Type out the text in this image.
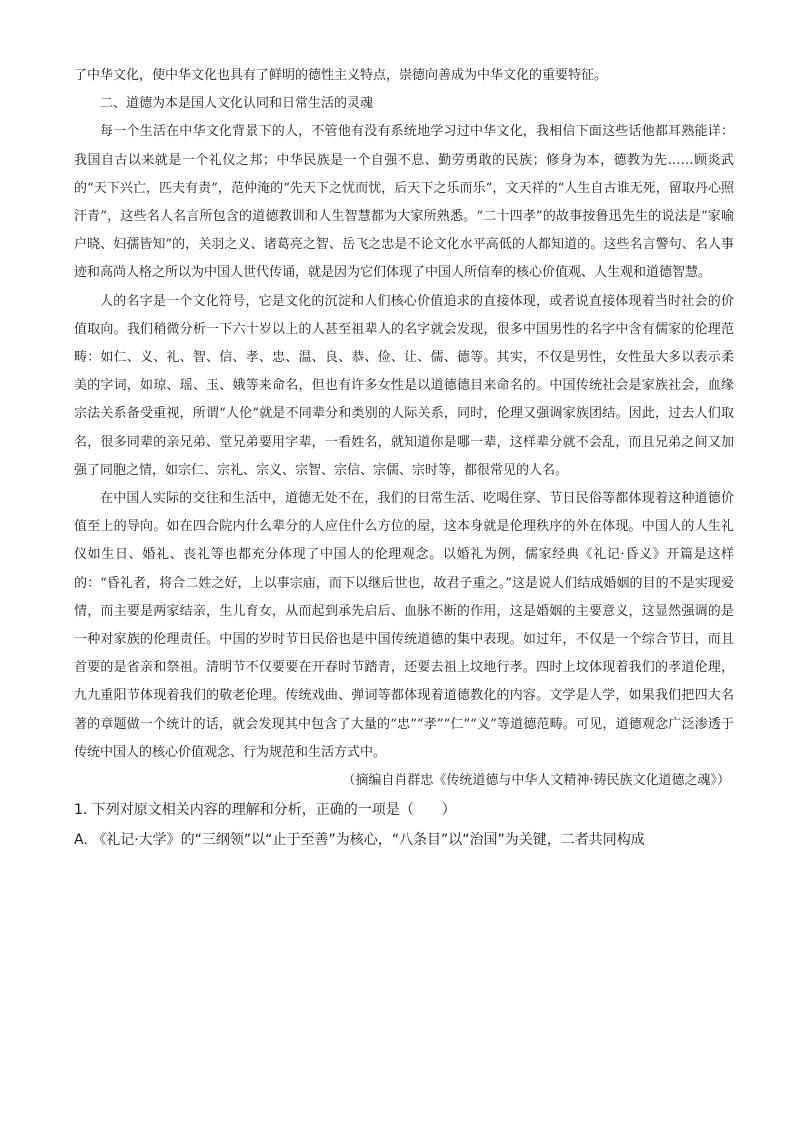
了中华文化，使中华文化也具有了鲜明的德性主义特点，崇德向善成为中华文化的重要特征。

二、道德为本是国人文化认同和日常生活的灵魂

每一个生活在中华文化背景下的人，不管他有没有系统地学习过中华文化，我相信下面这些话他都耳熟能详：我国自古以来就是一个礼仪之邦；中华民族是一个自强不息、勤劳勇敢的民族；修身为本，德教为先……顾炎武的“天下兴亡，匹夫有责”，范仲淹的“先天下之忧而忧，后天下之乐而乐”，文天祥的“人生自古谁无死，留取丹心照汗青”，这些名人名言所包含的道德教训和人生智慧都为大家所熟悉。“二十四孝”的故事按鲁迅先生的说法是“家喻户晓、妇孺皆知”的，关羽之义、诸葛亮之智、岳飞之忠是不论文化水平高低的人都知道的。这些名言警句、名人事迹和高尚人格之所以为中国人世代传诵，就是因为它们体现了中国人所信奉的核心价值观、人生观和道德智慧。

人的名字是一个文化符号，它是文化的沉淀和人们核心价值追求的直接体现，或者说直接体现着当时社会的价值取向。我们稍微分析一下六十岁以上的人甚至祖辈人的名字就会发现，很多中国男性的名字中含有儒家的伦理范畴：如仁、义、礼、智、信、孝、忠、温、良、恭、俭、让、儒、德等。其实，不仅是男性，女性虽大多以表示柔美的字词，如琼、瑶、玉、娥等来命名，但也有许多女性是以道德德目来命名的。中国传统社会是家族社会，血缘宗法关系备受重视，所谓“人伦”就是不同辈分和类别的人际关系，同时，伦理又强调家族团结。因此，过去人们取名，很多同辈的亲兄弟、堂兄弟要用字辈，一看姓名，就知道你是哪一辈，这样辈分就不会乱，而且兄弟之间又加强了同胞之情，如宗仁、宗礼、宗义、宗智、宗信、宗儒、宗时等，都很常见的人名。

在中国人实际的交往和生活中，道德无处不在，我们的日常生活、吃喝住穿、节日民俗等都体现着这种道德价值至上的导向。如在四合院内什么辈分的人应住什么方位的屋，这本身就是伦理秩序的外在体现。中国人的人生礼仪如生日、婚礼、丧礼等也都充分体现了中国人的伦理观念。以婚礼为例，儒家经典《礼记·昏义》开篇是这样的：“昏礼者，将合二姓之好，上以事宗庙，而下以继后世也，故君子重之。”这是说人们结成婚姻的目的不是实现爱情，而主要是两家结亲，生儿育女，从而起到承先启后、血脉不断的作用，这是婚姻的主要意义，这显然强调的是一种对家族的伦理责任。中国的岁时节日民俗也是中国传统道德的集中表现。如过年，不仅是一个综合节日，而且首要的是省亲和祭祖。清明节不仅要要在开春时节踏青，还要去祖上坟地行孝。四时上坟体现着我们的孝道伦理，九九重阳节体现着我们的敬老伦理。传统戏曲、弹词等都体现着道德教化的内容。文学是人学，如果我们把四大名著的章题做一个统计的话，就会发现其中包含了大量的“忠”“孝”“仁”“义”等道德范畴。可见，道德观念广泛渗透于传统中国人的核心价值观念、行为规范和生活方式中。

（摘编自肖群忠《传统道德与中华人文精神·铸民族文化道德之魂》）

1. 下列对原文相关内容的理解和分析，正确的一项是（　　）

A. 《礼记·大学》的“三纲领”以“止于至善”为核心，“八条目”以“治国”为关键，二者共同构成
